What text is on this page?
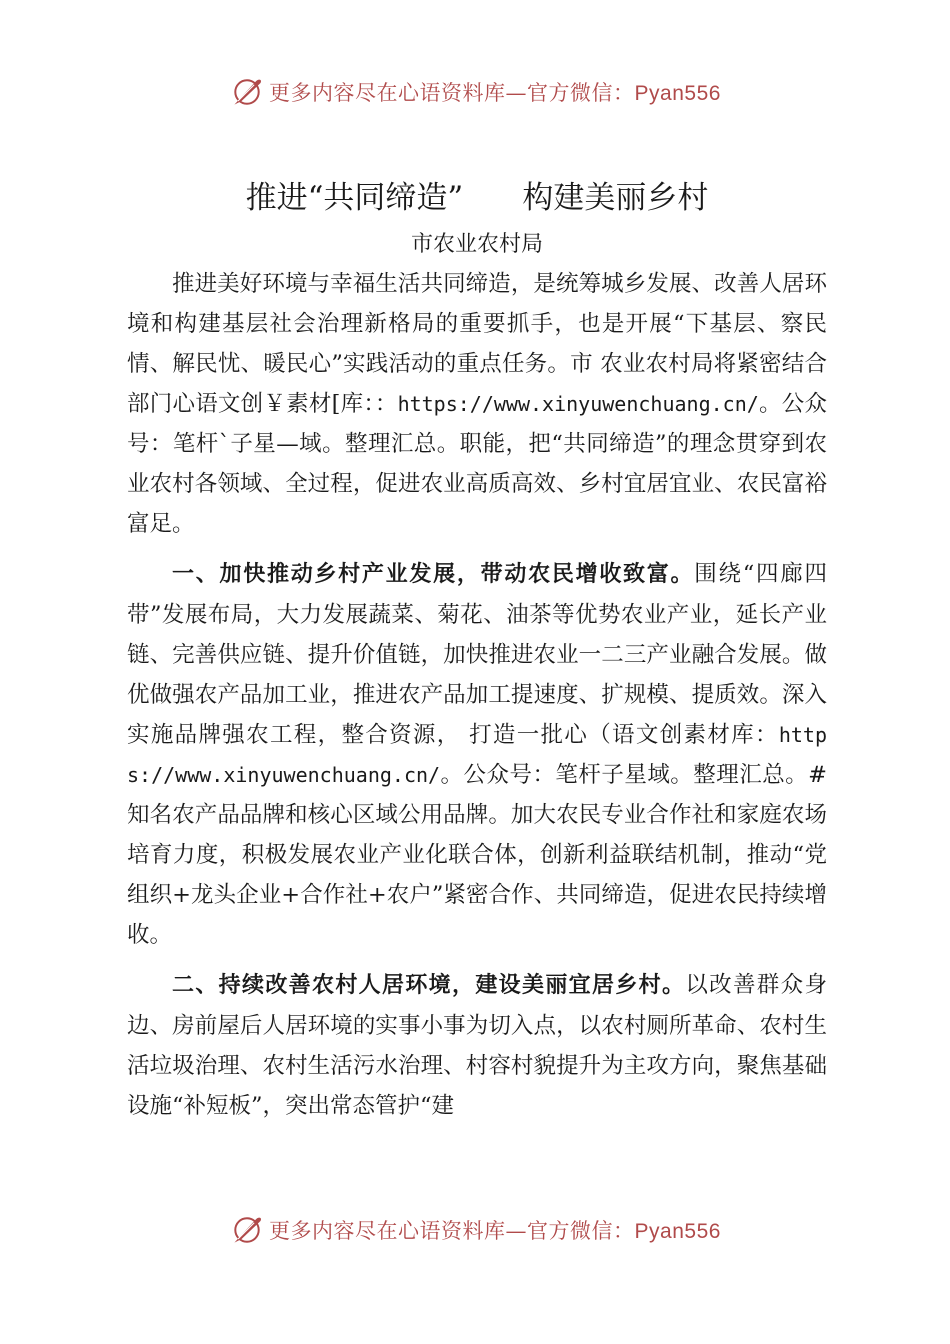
更多内容尽在心语资料库—官方微信：Pyan556
推进“共同缔造”      构建美丽乡村

市农业农村局

推进美好环境与幸福生活共同缔造，是统筹城乡发展、改善人居环境和构建基层社会治理新格局的重要抓手，也是开展“下基层、察民情、解民忧、暖民心”实践活动的重点任务。市 农业农村局将紧密结合部门心语文创￥素材[库：：https://www.xinyuwenchuang.cn/。公众号：笔杆`子星—域。整理汇总。职能，把“共同缔造”的理念贯穿到农业农村各领域、全过程，促进农业高质高效、乡村宜居宜业、农民富裕富足。

一、加快推动乡村产业发展，带动农民增收致富。围绕“四廊四带”发展布局，大力发展蔬菜、菊花、油茶等优势农业产业，延长产业链、完善供应链、提升价值链，加快推进农业一二三产业融合发展。做优做强农产品加工业，推进农产品加工提速度、扩规模、提质效。深入实施品牌强农工程，整合资源， 打造一批心（语文创素材库：https://www.xinyuwenchuang.cn/。公众号：笔杆子星域。整理汇总。#知名农产品品牌和核心区域公用品牌。加大农民专业合作社和家庭农场培育力度，积极发展农业产业化联合体，创新利益联结机制，推动“党组织+龙头企业+合作社+农户”紧密合作、共同缔造，促进农民持续增收。

二、持续改善农村人居环境，建设美丽宜居乡村。以改善群众身边、房前屋后人居环境的实事小事为切入点，以农村厕所革命、农村生活垃圾治理、农村生活污水治理、村容村貌提升为主攻方向，聚焦基础设施“补短板”，突出常态管护“建

更多内容尽在心语资料库—官方微信：Pyan556
